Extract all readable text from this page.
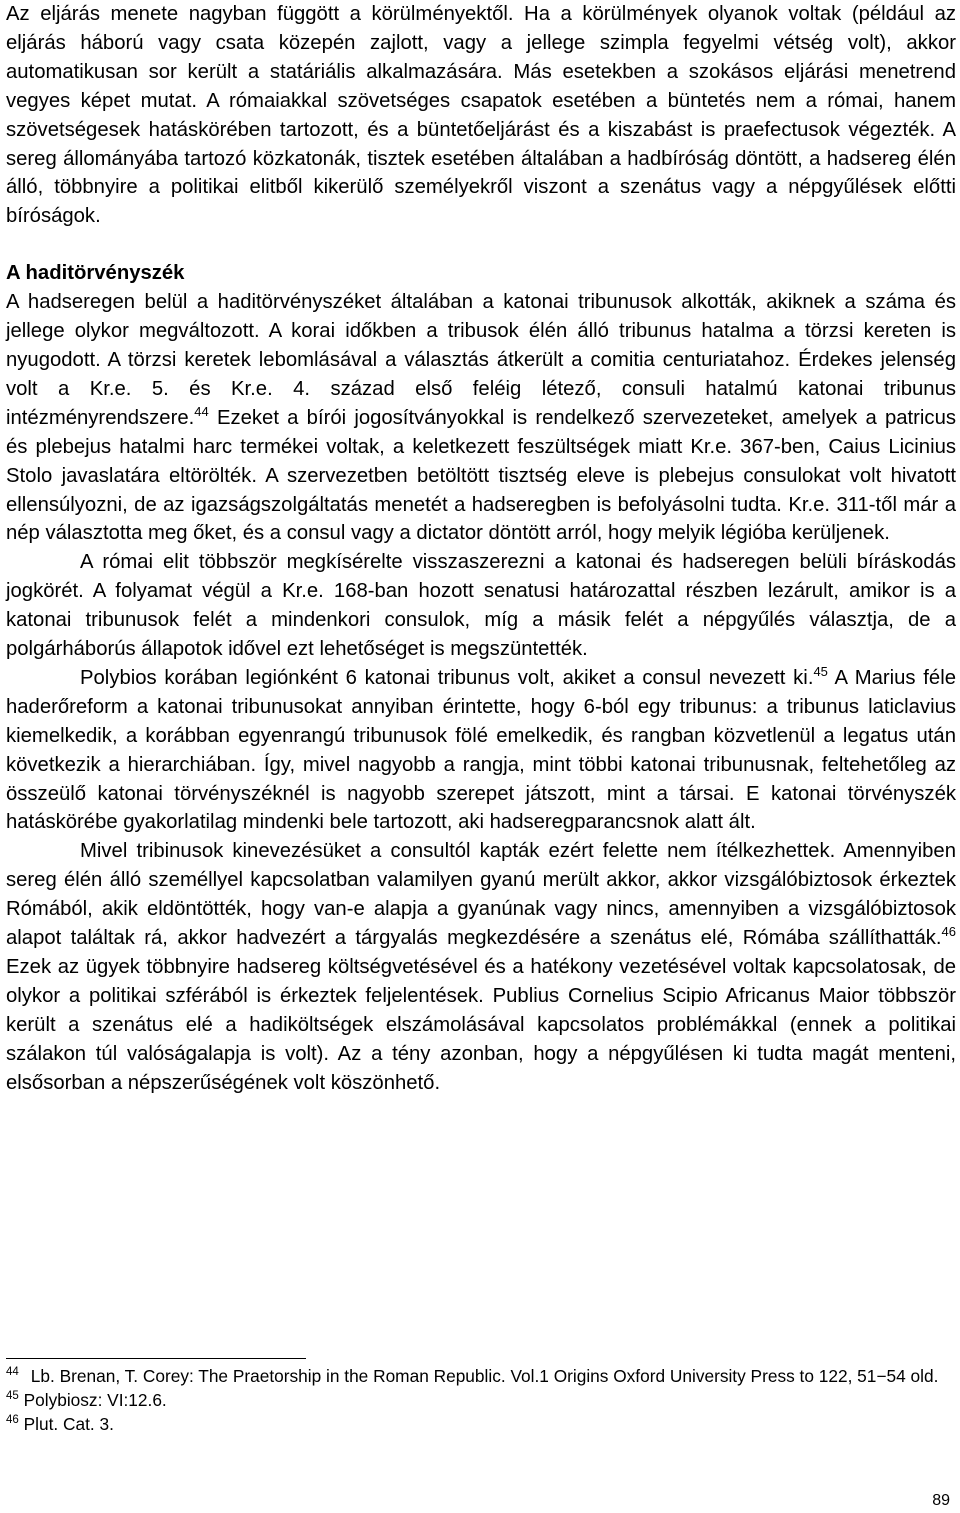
Az eljárás menete nagyban függött a körülményektől. Ha a körülmények olyanok voltak (például az eljárás háború vagy csata közepén zajlott, vagy a jellege szimpla fegyelmi vétség volt), akkor automatikusan sor került a statáriális alkalmazására. Más esetekben a szokásos eljárási menetrend vegyes képet mutat. A rómaiakkal szövetséges csapatok esetében a büntetés nem a római, hanem szövetségesek hatáskörében tartozott, és a büntetőeljárást és a kiszabást is praefectusok végezték. A sereg állományába tartozó közkatonák, tisztek esetében általában a hadbíróság döntött, a hadsereg élén álló, többnyire a politikai elitből kikerülő személyekről viszont a szenátus vagy a népgyűlések előtti bíróságok.

A haditörvényszék

A hadseregen belül a haditörvényszéket általában a katonai tribunusok alkották, akiknek a száma és jellege olykor megváltozott. A korai időkben a tribusok élén álló tribunus hatalma a törzsi kereten is nyugodott. A törzsi keretek lebomlásával a választás átkerült a comitia centuriatahoz. Érdekes jelenség volt a Kr.e. 5. és Kr.e. 4. század első feléig létező, consuli hatalmú katonai tribunus intézményrendszere.$^{44}$ Ezeket a bírói jogosítványokkal is rendelkező szervezeteket, amelyek a patricus és plebejus hatalmi harc termékei voltak, a keletkezett feszültségek miatt Kr.e. 367-ben, Caius Licinius Stolo javaslatára eltörölték. A szervezetben betöltött tisztség eleve is plebejus consulokat volt hivatott ellensúlyozni, de az igazságszolgáltatás menetét a hadseregben is befolyásolni tudta. Kr.e. 311-től már a nép választotta meg őket, és a consul vagy a dictator döntött arról, hogy melyik légióba kerüljenek.

A római elit többször megkísérelte visszaszerezni a katonai és hadseregen belüli bíráskodás jogkörét. A folyamat végül a Kr.e. 168-ban hozott senatusi határozattal részben lezárult, amikor is a katonai tribunusok felét a mindenkori consulok, míg a másik felét a népgyűlés választja, de a polgárháborús állapotok idővel ezt lehetőséget is megszüntették.

Polybios korában legiónként 6 katonai tribunus volt, akiket a consul nevezett ki.$^{45}$ A Marius féle haderőreform a katonai tribunusokat annyiban érintette, hogy 6-ból egy tribunus: a tribunus laticlavius kiemelkedik, a korábban egyenrangú tribunusok fölé emelkedik, és rangban közvetlenül a legatus után következik a hierarchiában. Így, mivel nagyobb a rangja, mint többi katonai tribunusnak, feltehetőleg az összeülő katonai törvényszéknél is nagyobb szerepet játszott, mint a társai. E katonai törvényszék hatáskörébe gyakorlatilag mindenki bele tartozott, aki hadseregparancsnok alatt ált.

Mivel tribinusok kinevezésüket a consultól kapták ezért felette nem ítélkezhettek. Amennyiben sereg élén álló személlyel kapcsolatban valamilyen gyanú merült akkor, akkor vizsgálóbiztosok érkeztek Rómából, akik eldöntötték, hogy van-e alapja a gyanúnak vagy nincs, amennyiben a vizsgálóbiztosok alapot találtak rá, akkor hadvezért a tárgyalás megkezdésére a szenátus elé, Rómába szállíthatták.$^{46}$ Ezek az ügyek többnyire hadsereg költségvetésével és a hatékony vezetésével voltak kapcsolatosak, de olykor a politikai szférából is érkeztek feljelentések. Publius Cornelius Scipio Africanus Maior többször került a szenátus elé a hadiköltségek elszámolásával kapcsolatos problémákkal (ennek a politikai szálakon túl valóságalapja is volt). Az a tény azonban, hogy a népgyűlésen ki tudta magát menteni, elsősorban a népszerűségének volt köszönhető.

$^{44}$ Lb. Brenan, T. Corey: The Praetorship in the Roman Republic. Vol.1 Origins Oxford University Press to 122, 51−54 old.

$^{45}$ Polybiosz: VI:12.6.

$^{46}$ Plut. Cat. 3.

89
